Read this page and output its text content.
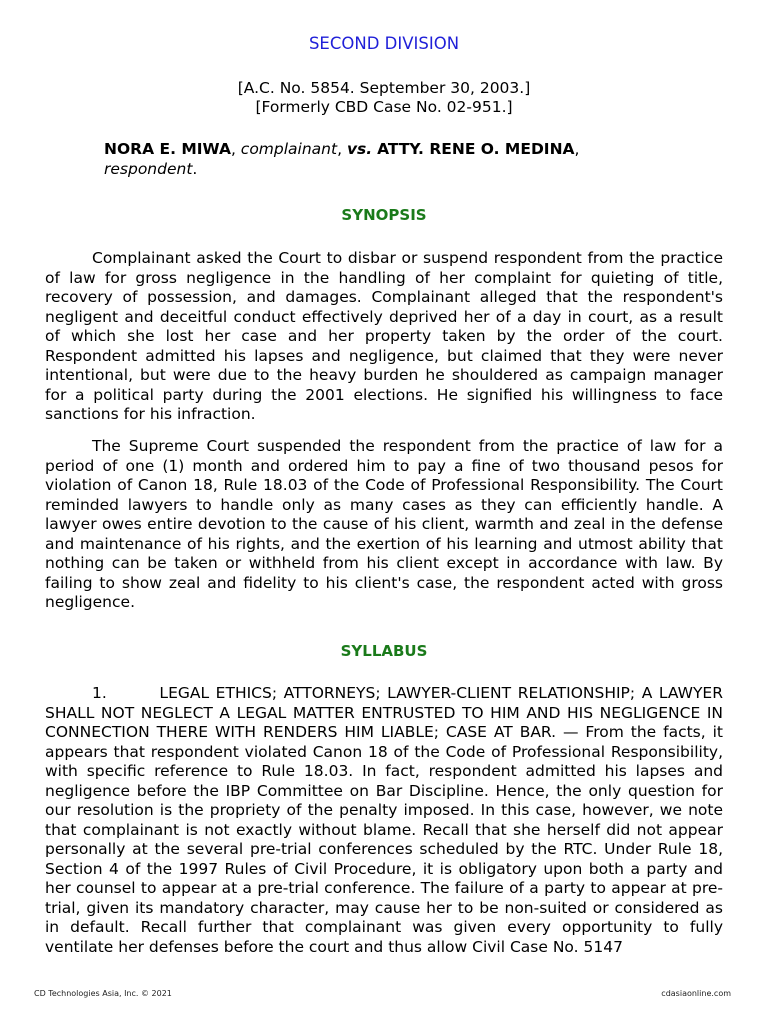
SECOND DIVISION
[A.C. No. 5854. September 30, 2003.]
[Formerly CBD Case No. 02-951.]
NORA E. MIWA, complainant, vs. ATTY. RENE O. MEDINA, respondent.
SYNOPSIS

Complainant asked the Court to disbar or suspend respondent from the practice of law for gross negligence in the handling of her complaint for quieting of title, recovery of possession, and damages. Complainant alleged that the respondent's negligent and deceitful conduct effectively deprived her of a day in court, as a result of which she lost her case and her property taken by the order of the court. Respondent admitted his lapses and negligence, but claimed that they were never intentional, but were due to the heavy burden he shouldered as campaign manager for a political party during the 2001 elections. He signified his willingness to face sanctions for his infraction.

The Supreme Court suspended the respondent from the practice of law for a period of one (1) month and ordered him to pay a fine of two thousand pesos for violation of Canon 18, Rule 18.03 of the Code of Professional Responsibility. The Court reminded lawyers to handle only as many cases as they can efficiently handle. A lawyer owes entire devotion to the cause of his client, warmth and zeal in the defense and maintenance of his rights, and the exertion of his learning and utmost ability that nothing can be taken or withheld from his client except in accordance with law. By failing to show zeal and fidelity to his client's case, the respondent acted with gross negligence.

SYLLABUS

1.        LEGAL ETHICS; ATTORNEYS; LAWYER-CLIENT RELATIONSHIP; A LAWYER SHALL NOT NEGLECT A LEGAL MATTER ENTRUSTED TO HIM AND HIS NEGLIGENCE IN CONNECTION THERE WITH RENDERS HIM LIABLE; CASE AT BAR. — From the facts, it appears that respondent violated Canon 18 of the Code of Professional Responsibility, with specific reference to Rule 18.03. In fact, respondent admitted his lapses and negligence before the IBP Committee on Bar Discipline. Hence, the only question for our resolution is the propriety of the penalty imposed. In this case, however, we note that complainant is not exactly without blame. Recall that she herself did not appear personally at the several pre-trial conferences scheduled by the RTC. Under Rule 18, Section 4 of the 1997 Rules of Civil Procedure, it is obligatory upon both a party and her counsel to appear at a pre-trial conference. The failure of a party to appear at pre-trial, given its mandatory character, may cause her to be non-suited or considered as in default. Recall further that complainant was given every opportunity to fully ventilate her defenses before the court and thus allow Civil Case No. 5147

CD Technologies Asia, Inc. © 2021	cdasiaonline.com
